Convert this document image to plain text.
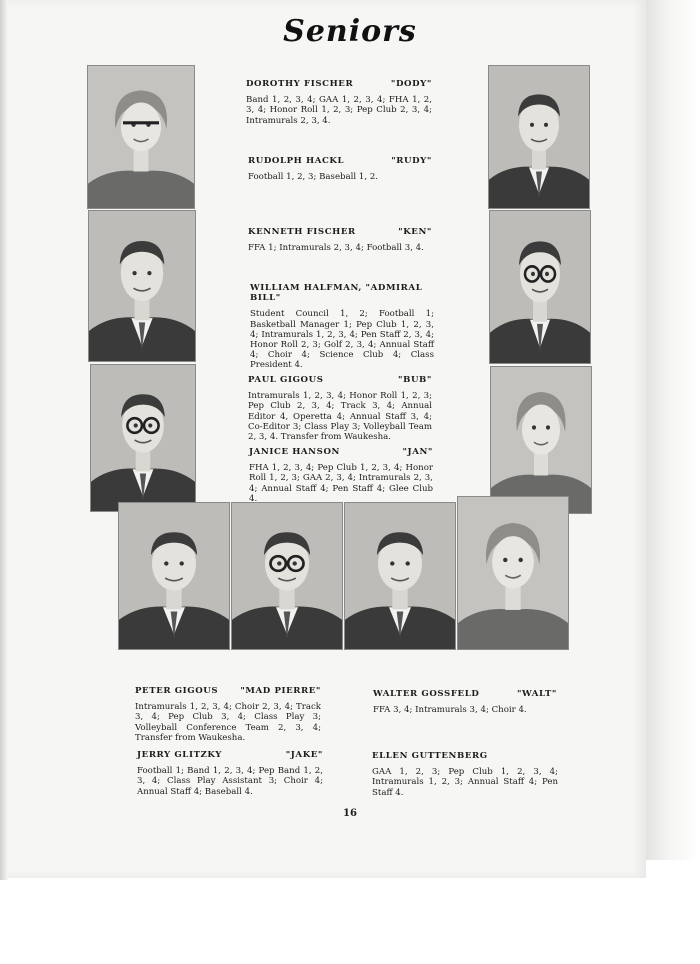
Seniors
DOROTHY FISCHER	"DODY"
Band 1, 2, 3, 4; GAA 1, 2, 3, 4; FHA 1, 2, 3, 4; Honor Roll 1, 2, 3; Pep Club 2, 3, 4; Intramurals 2, 3, 4.
RUDOLPH HACKL	"RUDY"
Football 1, 2, 3; Baseball 1, 2.
KENNETH FISCHER	"KEN"
FFA 1; Intramurals 2, 3, 4; Football 3, 4.
WILLIAM HALFMAN, "ADMIRAL BILL"
Student Council 1, 2; Football 1; Basketball Manager 1; Pep Club 1, 2, 3, 4; Intramurals 1, 2, 3, 4; Pen Staff 2, 3, 4; Honor Roll 2, 3; Golf 2, 3, 4; Annual Staff 4; Choir 4; Science Club 4; Class President 4.
PAUL GIGOUS	"BUB"
Intramurals 1, 2, 3, 4; Honor Roll 1, 2, 3; Pep Club 2, 3, 4; Track 3, 4; Annual Editor 4, Operetta 4; Annual Staff 3, 4; Co-Editor 3; Class Play 3; Volleyball Team 2, 3, 4. Transfer from Waukesha.
JANICE HANSON	"JAN"
FHA 1, 2, 3, 4; Pep Club 1, 2, 3, 4; Honor Roll 1, 2, 3; GAA 2, 3, 4; Intramurals 2, 3, 4; Annual Staff 4; Pen Staff 4; Glee Club 4.
PETER GIGOUS	"MAD PIERRE"
Intramurals 1, 2, 3, 4; Choir 2, 3, 4; Track 3, 4; Pep Club 3, 4; Class Play 3; Volleyball Conference Team 2, 3, 4; Transfer from Waukesha.
WALTER GOSSFELD	"WALT"
FFA 3, 4; Intramurals 3, 4; Choir 4.
JERRY GLITZKY	"JAKE"
Football 1; Band 1, 2, 3, 4; Pep Band 1, 2, 3, 4; Class Play Assistant 3; Choir 4; Annual Staff 4; Baseball 4.
ELLEN GUTTENBERG
GAA 1, 2, 3; Pep Club 1, 2, 3, 4; Intramurals 1, 2, 3; Annual Staff 4; Pen Staff 4.
16
